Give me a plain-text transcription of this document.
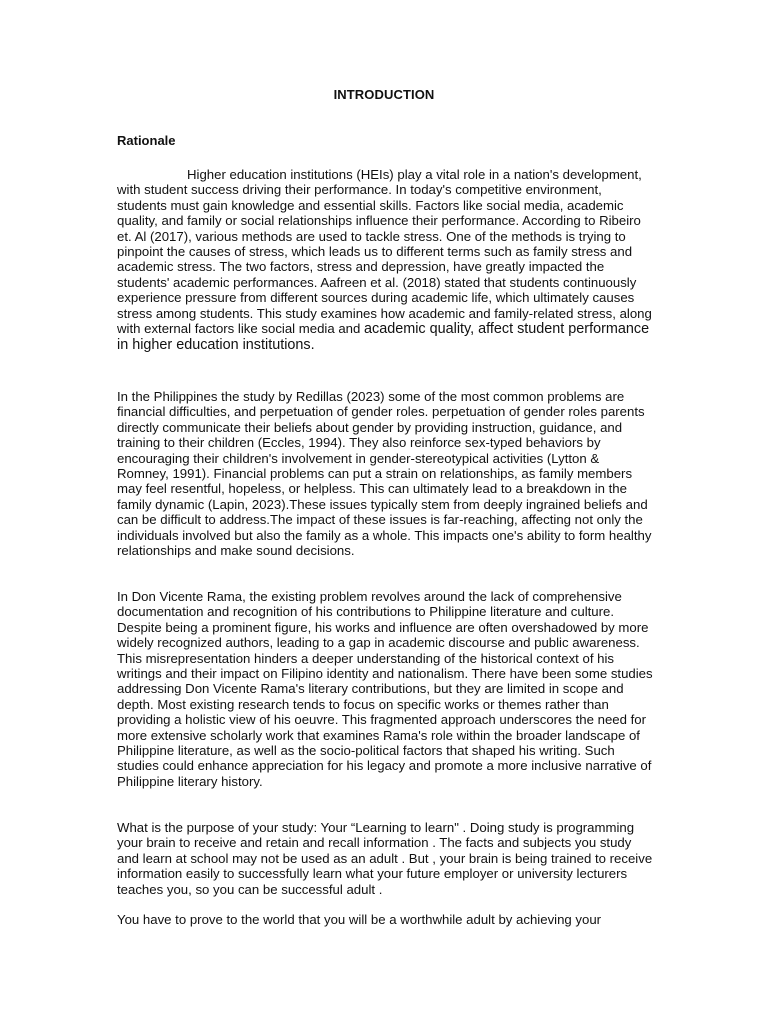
INTRODUCTION
Rationale
Higher education institutions (HEIs) play a vital role in a nation's development, with student success driving their performance. In today's competitive environment, students must gain knowledge and essential skills. Factors like social media, academic quality, and family or social relationships influence their performance. According to Ribeiro et. Al (2017), various methods are used to tackle stress. One of the methods is trying to pinpoint the causes of stress, which leads us to different terms such as family stress and academic stress. The two factors, stress and depression, have greatly impacted the students' academic performances. Aafreen et al. (2018) stated that students continuously experience pressure from different sources during academic life, which ultimately causes stress among students. This study examines how academic and family-related stress, along with external factors like social media and academic quality, affect student performance in higher education institutions.
In the Philippines the study by Redillas (2023) some of the most common problems are financial difficulties, and perpetuation of gender roles. perpetuation of gender roles parents directly communicate their beliefs about gender by providing instruction, guidance, and training to their children (Eccles, 1994). They also reinforce sex-typed behaviors by encouraging their children's involvement in gender-stereotypical activities (Lytton & Romney, 1991). Financial problems can put a strain on relationships, as family members may feel resentful, hopeless, or helpless. This can ultimately lead to a breakdown in the family dynamic (Lapin, 2023).These issues typically stem from deeply ingrained beliefs and can be difficult to address.The impact of these issues is far-reaching, affecting not only the individuals involved but also the family as a whole. This impacts one's ability to form healthy relationships and make sound decisions.
In Don Vicente Rama, the existing problem revolves around the lack of comprehensive documentation and recognition of his contributions to Philippine literature and culture. Despite being a prominent figure, his works and influence are often overshadowed by more widely recognized authors, leading to a gap in academic discourse and public awareness. This misrepresentation hinders a deeper understanding of the historical context of his writings and their impact on Filipino identity and nationalism. There have been some studies addressing Don Vicente Rama's literary contributions, but they are limited in scope and depth. Most existing research tends to focus on specific works or themes rather than providing a holistic view of his oeuvre. This fragmented approach underscores the need for more extensive scholarly work that examines Rama's role within the broader landscape of Philippine literature, as well as the socio-political factors that shaped his writing. Such studies could enhance appreciation for his legacy and promote a more inclusive narrative of Philippine literary history.
What is the purpose of your study: Your “Learning to learn" . Doing study is programming your brain to receive and retain and recall information . The facts and subjects you study and learn at school may not be used as an adult . But , your brain is being trained to receive information easily to successfully learn what your future employer or university lecturers teaches you, so you can be successful adult .
You have to prove to the world that you will be a worthwhile adult by achieving your
